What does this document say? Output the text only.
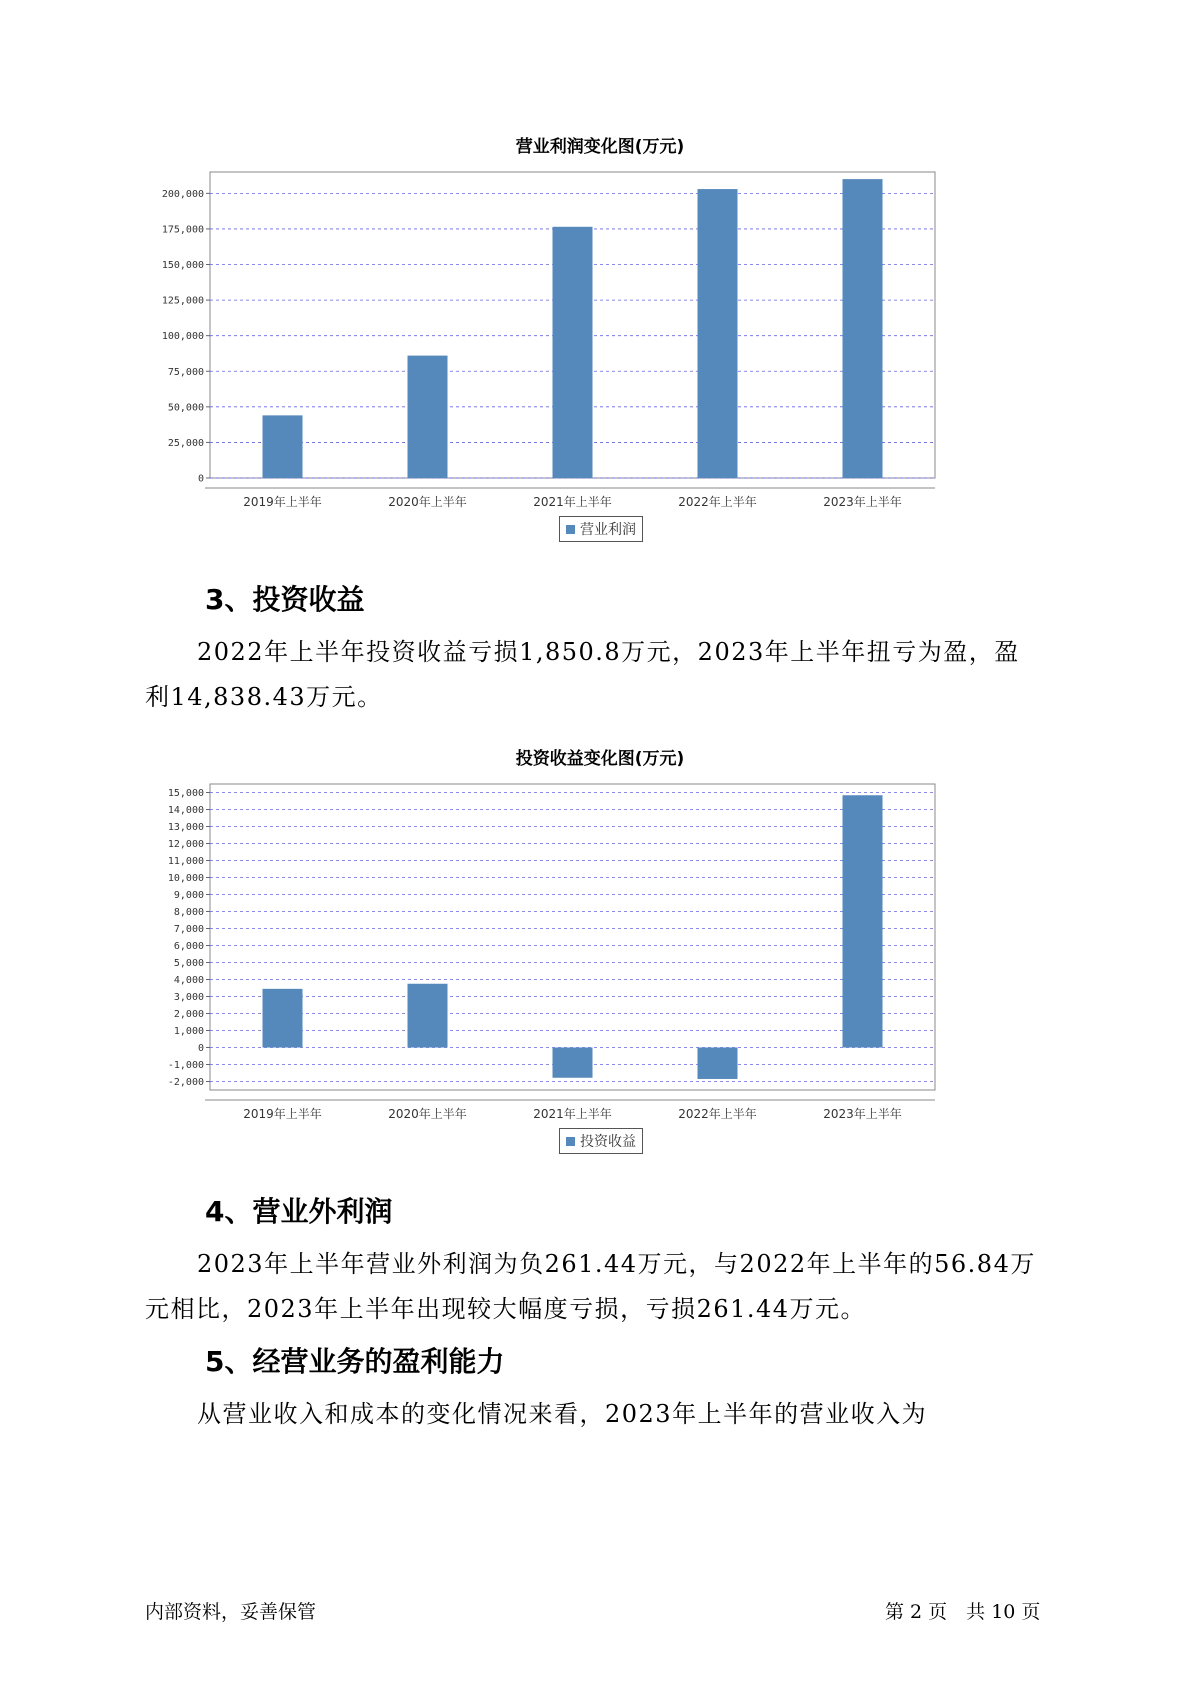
营业利润变化图(万元)
0
25,000
50,000
75,000
100,000
125,000
150,000
175,000
200,000
2019年上半年	2020年上半年	2021年上半年	2022年上半年	2023年上半年
营业利润
3、投资收益
2022年上半年投资收益亏损1,850.8万元，2023年上半年扭亏为盈，盈
利14,838.43万元。
投资收益变化图(万元)
-2,000
-1,000
0
1,000
2,000
3,000
4,000
5,000
6,000
7,000
8,000
9,000
10,000
11,000
12,000
13,000
14,000
15,000
2019年上半年	2020年上半年	2021年上半年	2022年上半年	2023年上半年
投资收益
4、营业外利润
2023年上半年营业外利润为负261.44万元，与2022年上半年的56.84万
元相比，2023年上半年出现较大幅度亏损，亏损261.44万元。
5、经营业务的盈利能力
从营业收入和成本的变化情况来看，2023年上半年的营业收入为
内部资料，妥善保管	第 2 页　共 10 页
